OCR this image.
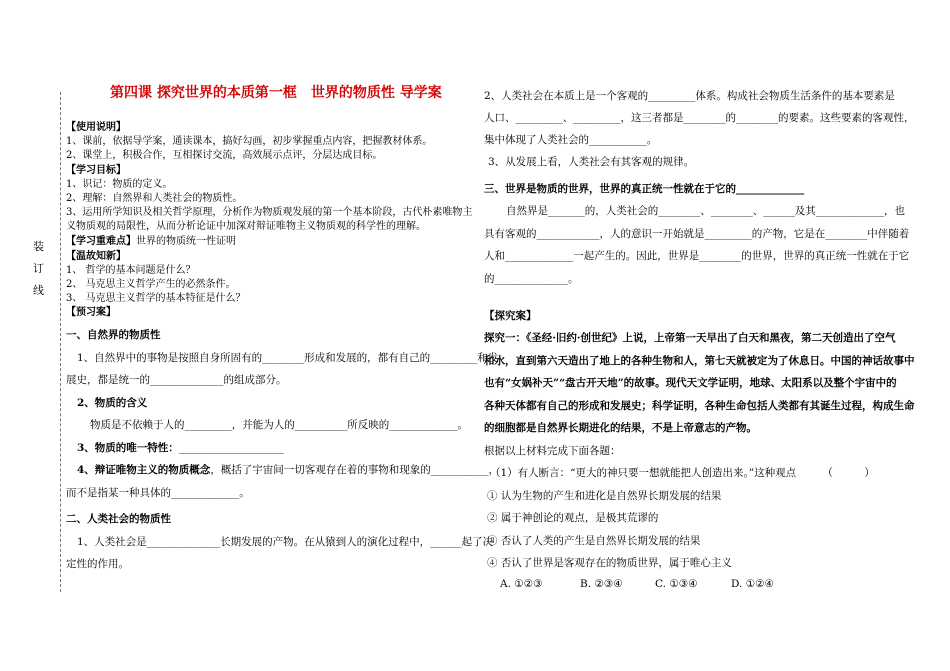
装
订
线
第四课 探究世界的本质第一框　世界的物质性 导学案
【使用说明】
1、课前，依据导学案，通读课本，搞好勾画，初步掌握重点内容，把握教材体系。
2、课堂上，积极合作，互相探讨交流，高效展示点评，分层达成目标。
【学习目标】
1、识记：物质的定义。
2、理解：自然界和人类社会的物质性。
3、运用所学知识及相关哲学原理，分析作为物质观发展的第一个基本阶段，古代朴素唯物主
义物质观的局限性，从而分析论证中加深对辩证唯物主义物质观的科学性的理解。
【学习重难点】世界的物质统一性证明
【温故知新】
1、 哲学的基本问题是什么？
2、 马克思主义哲学产生的必然条件。
3、 马克思主义哲学的基本特征是什么？
【预习案】
一、自然界的物质性
1、自然界中的事物是按照自身所固有的________形成和发展的，都有自己的_________和发
展史，都是统一的______________的组成部分。
2、物质的含义
物质是不依赖于人的_________，并能为人的__________所反映的_____________。
3、物质的唯一特性：____________________
4、辩证唯物主义的物质概念，概括了宇宙间一切客观存在着的事物和现象的___________，
而不是指某一种具体的_____________。
二、人类社会的物质性
1、人类社会是______________长期发展的产物。在从猿到人的演化过程中，______起了决
定性的作用。
2、人类社会在本质上是一个客观的_________体系。构成社会物质生活条件的基本要素是
人口、_________、_________，这三者都是________的________的要素。这些要素的客观性，
集中体现了人类社会的___________。
3、从发展上看，人类社会有其客观的规律。
三、世界是物质的世界，世界的真正统一性就在于它的_____________
自然界是_______的，人类社会的________、________、______及其_____________，也
具有客观的____________，人的意识一开始就是_________的产物，它是在________中伴随着
人和_____________一起产生的。因此，世界是________的世界，世界的真正统一性就在于它
的______________。
【探究案】
探究一：《圣经·旧约·创世纪》上说，上帝第一天早出了白天和黑夜，第二天创造出了空气
和水，直到第六天造出了地上的各种生物和人，第七天就被定为了休息日。中国的神话故事中
也有“女娲补天”“盘古开天地”的故事。现代天文学证明，地球、太阳系以及整个宇宙中的
各种天体都有自己的形成和发展史；科学证明，各种生命包括人类都有其诞生过程，构成生命
的细胞都是自然界长期进化的结果，不是上帝意志的产物。
根据以上材料完成下面各题：
（1）有人断言：“更大的神只要一想就能把人创造出来。”这种观点　　　（　　　）
① 认为生物的产生和进化是自然界长期发展的结果
② 属于神创论的观点，是极其荒谬的
③ 否认了人类的产生是自然界长期发展的结果
④ 否认了世界是客观存在的物质世界，属于唯心主义
A. ①②③	B. ②③④	C. ①③④	D. ①②④
